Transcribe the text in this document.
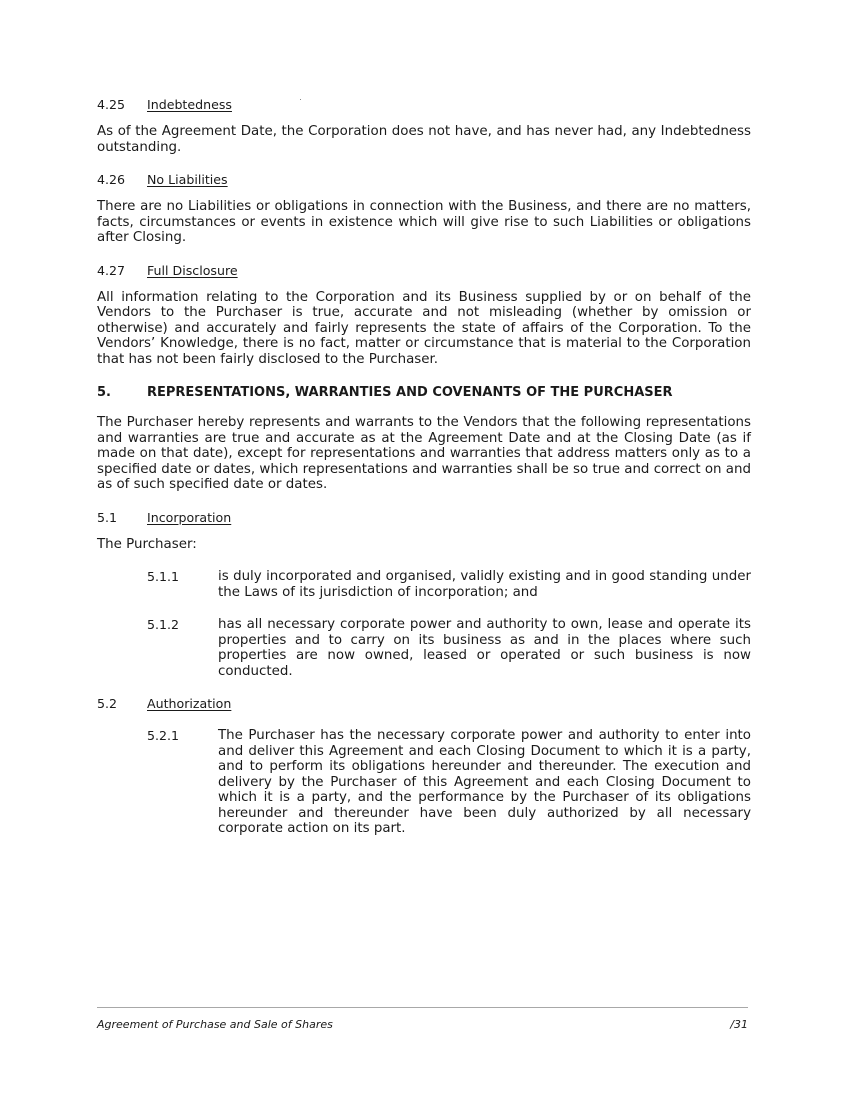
4.25	Indebtedness

As of the Agreement Date, the Corporation does not have, and has never had, any Indebtedness outstanding.

4.26	No Liabilities

There are no Liabilities or obligations in connection with the Business, and there are no matters, facts, circumstances or events in existence which will give rise to such Liabilities or obligations after Closing.

4.27	Full Disclosure

All information relating to the Corporation and its Business supplied by or on behalf of the Vendors to the Purchaser is true, accurate and not misleading (whether by omission or otherwise) and accurately and fairly represents the state of affairs of the Corporation. To the Vendors’ Knowledge, there is no fact, matter or circumstance that is material to the Corporation that has not been fairly disclosed to the Purchaser.

5.	REPRESENTATIONS, WARRANTIES AND COVENANTS OF THE PURCHASER

The Purchaser hereby represents and warrants to the Vendors that the following representations and warranties are true and accurate as at the Agreement Date and at the Closing Date (as if made on that date), except for representations and warranties that address matters only as to a specified date or dates, which representations and warranties shall be so true and correct on and as of such specified date or dates.

5.1	Incorporation

The Purchaser:

5.1.1	is duly incorporated and organised, validly existing and in good standing under the Laws of its jurisdiction of incorporation; and
5.1.2	has all necessary corporate power and authority to own, lease and operate its properties and to carry on its business as and in the places where such properties are now owned, leased or operated or such business is now conducted.
5.2	Authorization
5.2.1	The Purchaser has the necessary corporate power and authority to enter into and deliver this Agreement and each Closing Document to which it is a party, and to perform its obligations hereunder and thereunder. The execution and delivery by the Purchaser of this Agreement and each Closing Document to which it is a party, and the performance by the Purchaser of its obligations hereunder and thereunder have been duly authorized by all necessary corporate action on its part.
Agreement of Purchase and Sale of Shares	/31
